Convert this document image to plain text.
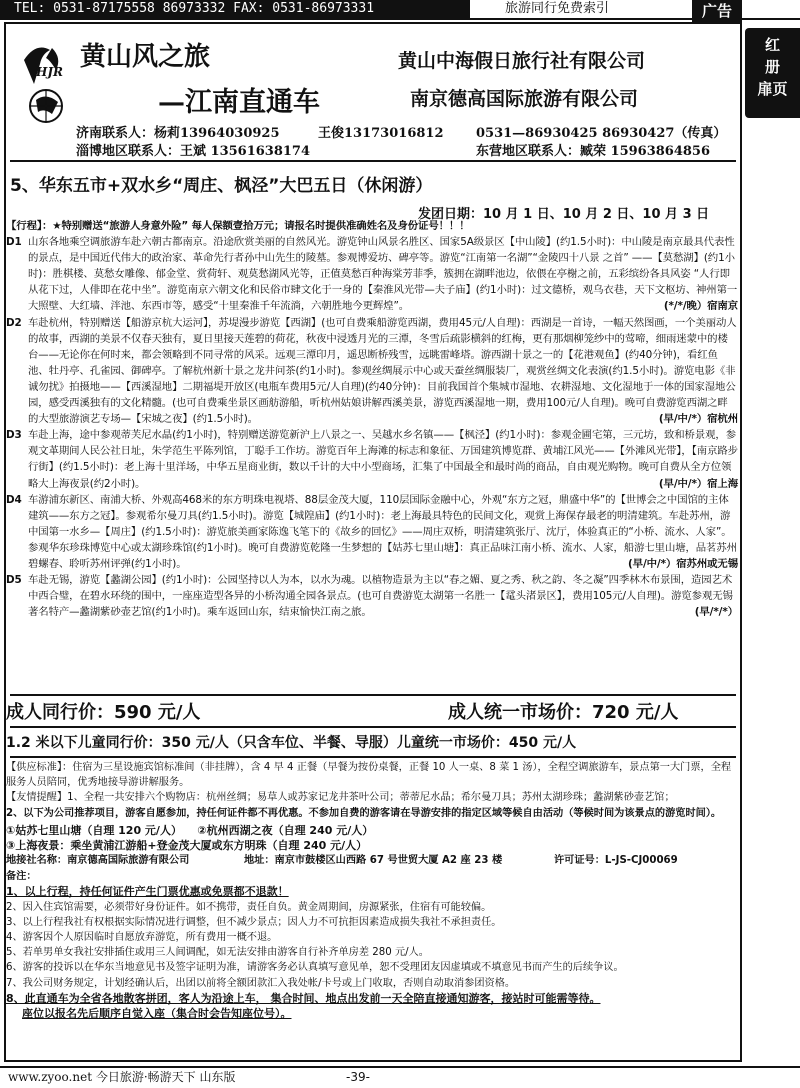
TEL: 0531-87175558 86973332 FAX: 0531-86973331	旅游同行免费索引	广告
红
册
扉页
HJR 黄山风之旅
—江南直通车
黄山中海假日旅行社有限公司
南京德高国际旅游有限公司
济南联系人：杨莉13964030925	王俊13173016812	0531—86930425 86930427（传真）
淄博地区联系人：王斌 13561638174	东营地区联系人：臧荣 15963864856
5、华东五市+双水乡“周庄、枫泾”大巴五日（休闲游）
发团日期：10 月 1 日、10 月 2 日、10 月 3 日

【行程】：★特别赠送“旅游人身意外险” 每人保额壹拾万元；请报名时提供准确姓名及身份证号！！！

D1 山东各地乘空调旅游车赴六朝古都南京。沿途欣赏美丽的自然风光。游览钟山风景名胜区、国家5A级景区【中山陵】(约1.5小时)：中山陵是南京最具代表性的景点，是中国近代伟大的政治家、革命先行者孙中山先生的陵墓。参观博爱坊、碑亭等。游览“江南第一名湖”“金陵四十八景 之首” ——【莫愁湖】(约1小时)：胜棋楼、莫愁女雕像、郁金堂、赏荷轩、观莫愁湖风光等，正值莫愁百种海棠芳菲季，簇拥在湖畔池边，依偎在亭榭之前，五彩缤纷各具风姿 “人行即从花下过，人俳即在花中坐”。游览南京六朝文化和民俗市肆文化于一身的【秦淮风光带—夫子庙】(约1小时)：过文德桥，观乌衣巷，天下文枢坊、神州第一大照壁、大红墙、泮池、东西市等，感受“十里秦淮千年流淌，六朝胜地今更辉煌”。	(*/*/晚）宿南京
D2 车赴杭州，特别赠送【船游京杭大运河】，苏堤漫步游览【西湖】(也可自费乘船游览西湖，费用45元/人自理)：西湖是一首诗，一幅天然图画，一个美丽动人的故事，西湖的美景不仅春天独有，夏日里接天莲碧的荷花，秋夜中浸透月光的三潭，冬雪后疏影横斜的红梅，更有那烟柳笼纱中的莺啼，细雨迷蒙中的楼台——无论你在何时来，都会领略到不同寻常的风采。远观三潭印月，遥思断桥残雪，远眺雷峰塔。游西湖十景之一的【花港观鱼】(约40分钟)，看红鱼池、牡丹亭、孔雀园、御碑亭。了解杭州新十景之龙井问茶(约1小时)。参观丝绸展示中心或天蚕丝绸服装厂，观赏丝绸文化表演(约1.5小时)。游览电影《非诚勿扰》拍摄地——【西溪湿地】二期福堤开放区(电瓶车费用5元/人自理)(约40分钟)：目前我国首个集城市湿地、农耕湿地、文化湿地于一体的国家湿地公园，感受西溪独有的文化精髓。(也可自费乘坐景区画舫游船，听杭州姑娘讲解西溪美景，游览西溪湿地一期，费用100元/人自理)。晚可自费游览西湖之畔的大型旅游演艺专场—【宋城之夜】(约1.5小时)。	(早/中/*）宿杭州
D3 车赴上海，途中参观蒂芙尼水晶(约1小时)，特别赠送游览新沪上八景之一、吴越水乡名镇——【枫泾】(约1小时)：参观金圃宅第，三元坊，致和桥景观，参观文革期间人民公社日址，朱学范生平陈列馆，丁聪手工作坊。游览百年上海滩的标志和象征、万国建筑博览群、黄埔江风光——【外滩风光带】，【南京路步行街】(约1.5小时)：老上海十里洋场，中华五星商业街，数以千计的大中小型商场，汇集了中国最全和最时尚的商品，自由观光购物。晚可自费从全方位领略大上海夜景(约2小时)。	(早/中/*）宿上海
D4 车游浦东新区、南浦大桥、外观高468米的东方明珠电视塔、88层金茂大厦，110层国际金融中心，外观“东方之冠，鼎盛中华”的【世博会之中国馆的主体建筑——东方之冠】。参观希尔曼刀具(约1.5小时)。游览【城隍庙】(约1小时)：老上海最具特色的民间文化，观赏上海保存最老的明清建筑。车赴苏州，游中国第一水乡—【周庄】(约1.5小时)：游览旅美画家陈逸飞笔下的《故乡的回忆》——周庄双桥，明清建筑张厅、沈厅，体验真正的“小桥、流水、人家”。参观华东珍珠博览中心或太湖珍珠馆(约1小时)。晚可自费游览乾隆一生梦想的【姑苏七里山塘】：真正品味江南小桥、流水、人家，船游七里山塘，品茗苏州碧螺春、聆听苏州评弹(约1小时)。	(早/中/*）宿苏州或无锡
D5 车赴无锡，游览【蠡湖公园】(约1小时)：公园坚持以人为本，以水为魂。以植物造景为主以“春之媚、夏之秀、秋之韵、冬之凝”四季林木布景围，造园艺术中西合璧，在碧水环绕的围中，一座座造型各异的小桥沟通全园各景点。(也可自费游览太湖第一名胜一【鼋头渚景区】，费用105元/人自理)。游览参观无锡著名特产—蠡湖紫砂壶艺馆(约1小时)。乘车返回山东，结束愉快江南之旅。	(早/*/*）
成人同行价：590 元/人	成人统一市场价：720 元/人
1.2 米以下儿童同行价：350 元/人（只含车位、半餐、导服）儿童统一市场价：450 元/人

【供应标准】：住宿为三星设施宾馆标准间（非挂牌），含 4 早 4 正餐（早餐为按份桌餐，正餐 10 人一桌、8 菜 1 汤），全程空调旅游车，景点第一大门票，全程服务人员陪同，优秀地接导游讲解服务。

【友情提醒】1、全程一共安排六个购物店：杭州丝绸；易草人或苏家记龙井茶叶公司；蒂蒂尼水晶；希尔曼刀具；苏州太湖珍珠；蠡湖紫砂壶艺馆；

2、以下为公司推荐项目，游客自愿参加，持任何证件都不再优惠。不参加自费的游客请在导游安排的指定区域等候自由活动（等候时间为该景点的游览时间）。

①姑苏七里山塘（自理 120 元/人） ②杭州西湖之夜（自理 240 元/人）

③上海夜景：乘坐黄浦江游船+登金茂大厦或东方明珠（自理 240 元/人）

地接社名称：南京德高国际旅游有限公司	地址：南京市鼓楼区山西路 67 号世贸大厦 A2 座 23 楼	许可证号：L-JS-CJ00069

备注：

1、以上行程，持任何证件产生门票优惠或免票都不退款！

2、因入住宾馆需要，必须带好身份证件。如不携带，责任自负。黄金周期间，房源紧张，住宿有可能较偏。

3、以上行程我社有权根据实际情况进行调整，但不减少景点；因人力不可抗拒因素造成损失我社不承担责任。

4、游客因个人原因临时自愿放弃游览，所有费用一概不退。

5、若单男单女我社安排插住或用三人间调配，如无法安排由游客自行补齐单房差 280 元/人。

6、游客的投诉以在华东当地意见书及签字证明为准，请游客务必认真填写意见单，恕不受理团友因虚填或不填意见书而产生的后续争议。

7、我公司财务规定，计划经确认后，出团以前将全额团款汇入我处帐/卡号或上门收取，否则自动取消参团资格。

8、此直通车为全省各地散客拼团，客人为沿途上车， 集合时间、地点出发前一天全陪直接通知游客，接站时可能需等待。

座位以报名先后顺序自觉入座（集合时会告知座位号）。

www.zyoo.net 今日旅游·畅游天下 山东版	-39-
